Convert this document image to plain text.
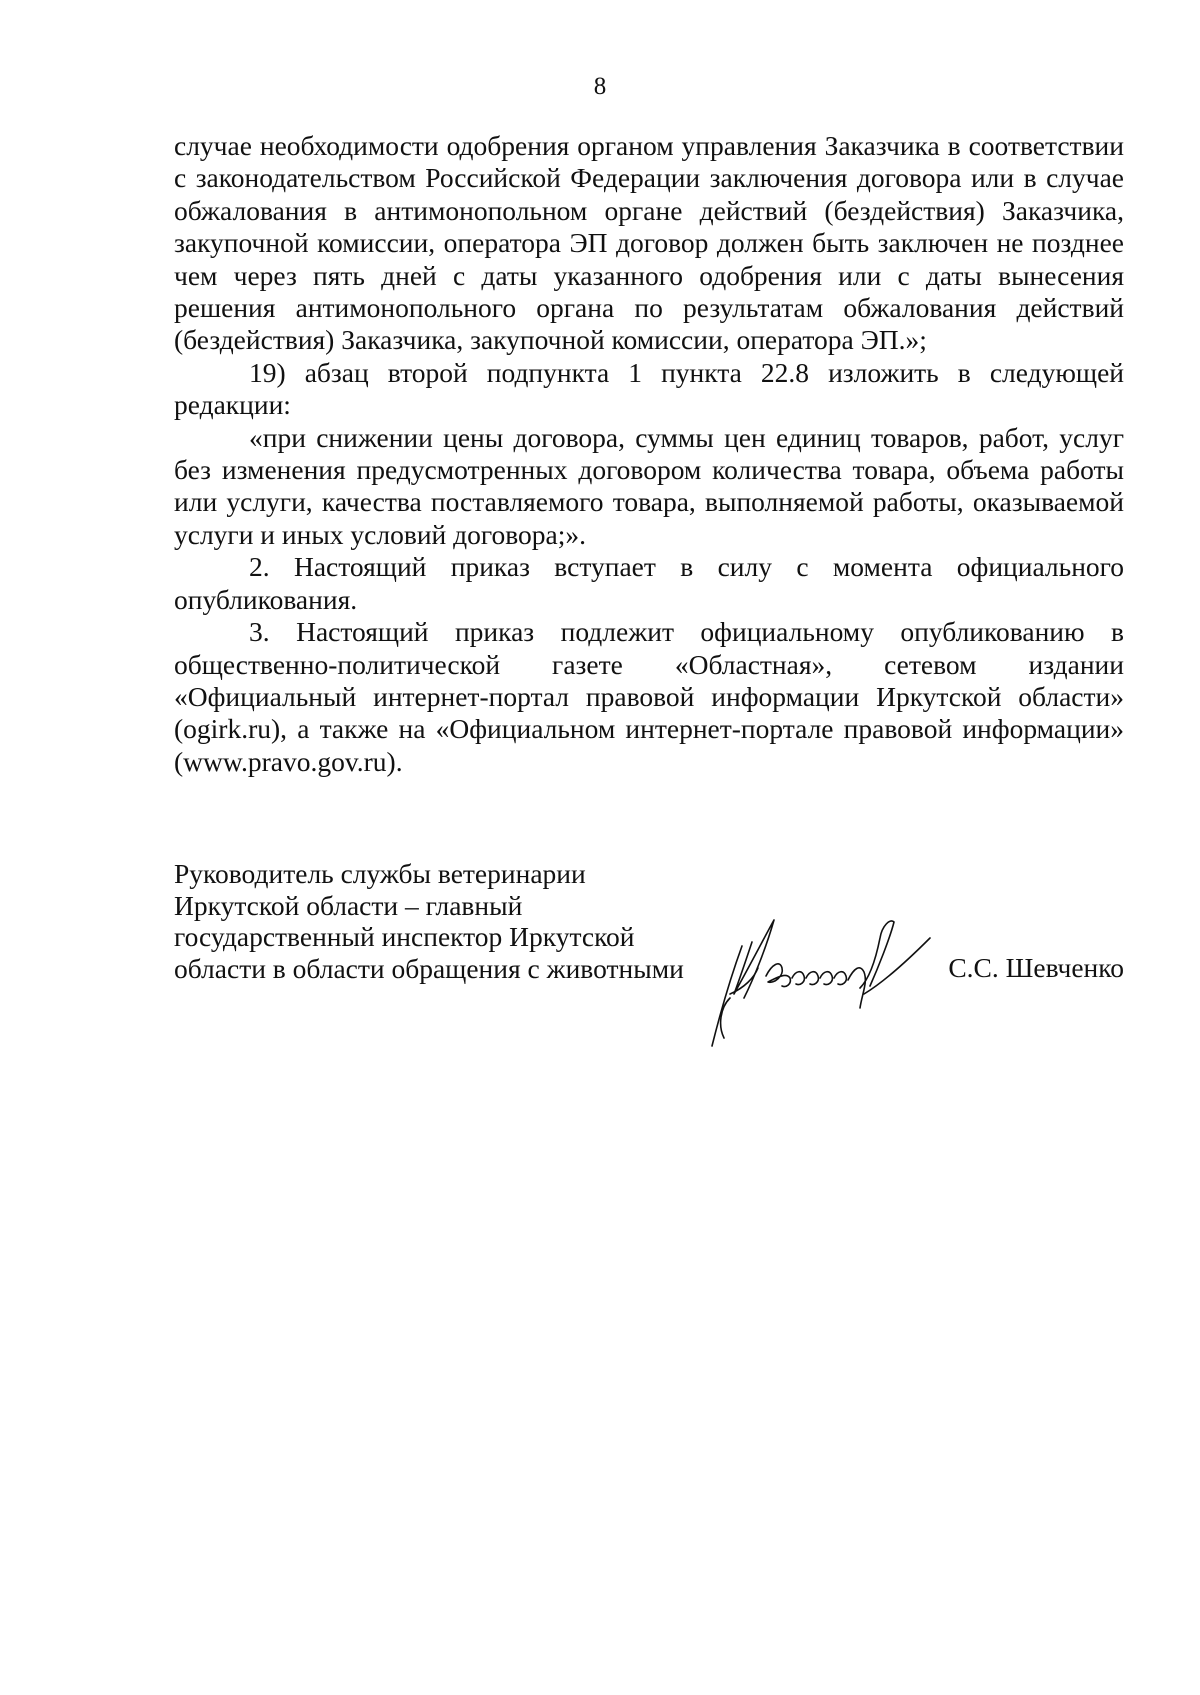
8

случае необходимости одобрения органом управления Заказчика в соответствии с законодательством Российской Федерации заключения договора или в случае обжалования в антимонопольном органе действий (бездействия) Заказчика, закупочной комиссии, оператора ЭП договор должен быть заключен не позднее чем через пять дней с даты указанного одобрения или с даты вынесения решения антимонопольного органа по результатам обжалования действий (бездействия) Заказчика, закупочной комиссии, оператора ЭП.»;

19) абзац второй подпункта 1 пункта 22.8 изложить в следующей редакции:

«при снижении цены договора, суммы цен единиц товаров, работ, услуг без изменения предусмотренных договором количества товара, объема работы или услуги, качества поставляемого товара, выполняемой работы, оказываемой услуги и иных условий договора;».

2. Настоящий приказ вступает в силу с момента официального опубликования.

3. Настоящий приказ подлежит официальному опубликованию в общественно-политической газете «Областная», сетевом издании «Официальный интернет-портал правовой информации Иркутской области» (ogirk.ru), а также на «Официальном интернет-портале правовой информации» (www.pravo.gov.ru).

Руководитель службы ветеринарии
Иркутской области – главный
государственный инспектор Иркутской
области в области обращения с животными	С.С. Шевченко
